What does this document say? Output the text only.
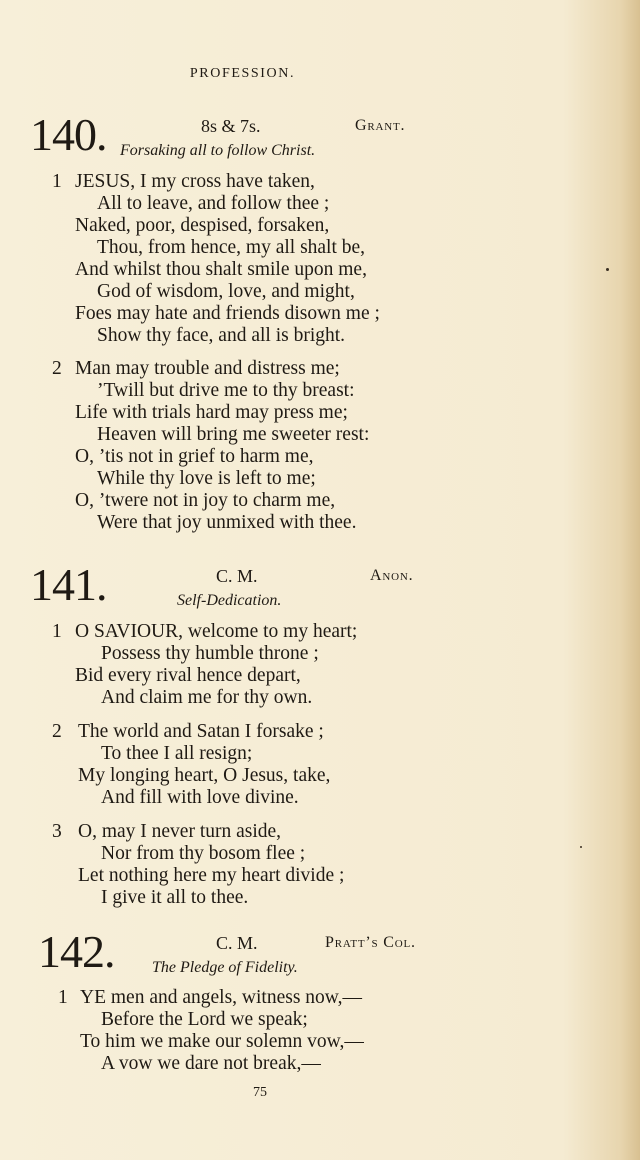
PROFESSION.
140.	8s & 7s.	Grant.
Forsaking all to follow Christ.
1 JESUS, I my cross have taken,
All to leave, and follow thee ;
Naked, poor, despised, forsaken,
Thou, from hence, my all shalt be,
And whilst thou shalt smile upon me,
God of wisdom, love, and might,
Foes may hate and friends disown me ;
Show thy face, and all is bright.
2 Man may trouble and distress me;
’Twill but drive me to thy breast:
Life with trials hard may press me;
Heaven will bring me sweeter rest:
O, ’tis not in grief to harm me,
While thy love is left to me;
O, ’twere not in joy to charm me,
Were that joy unmixed with thee.
141.	C. M.	Anon.
Self-Dedication.
1 O SAVIOUR, welcome to my heart;
Possess thy humble throne ;
Bid every rival hence depart,
And claim me for thy own.
2 The world and Satan I forsake ;
To thee I all resign;
My longing heart, O Jesus, take,
And fill with love divine.
3 O, may I never turn aside,
Nor from thy bosom flee ;
Let nothing here my heart divide ;
I give it all to thee.
142.	C. M.	Pratt’s Col.
The Pledge of Fidelity.
1 YE men and angels, witness now,—
Before the Lord we speak;
To him we make our solemn vow,—
A vow we dare not break,—
75
